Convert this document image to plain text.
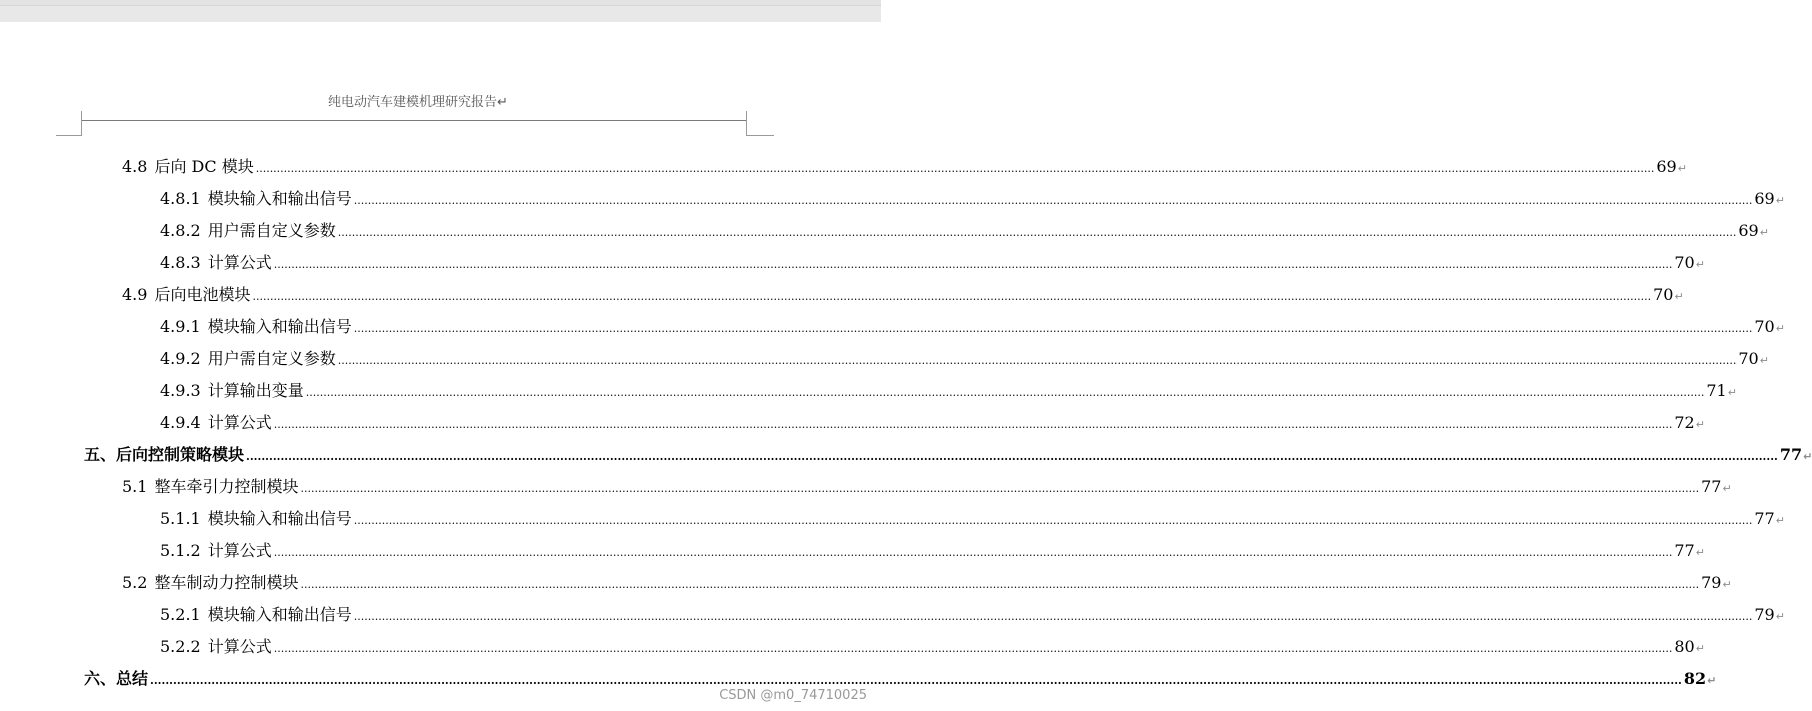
纯电动汽车建模机理研究报告↵
4.8 后向 DC 模块 ................................................................................................................................................................................................................................................................................................................................................................................................................ 69 ↵
4.8.1 模块输入和输出信号 ................................................................................................................................................................................................................................................................................................................................................................................................................ 69 ↵
4.8.2 用户需自定义参数 ................................................................................................................................................................................................................................................................................................................................................................................................................ 69 ↵
4.8.3 计算公式 ................................................................................................................................................................................................................................................................................................................................................................................................................ 70 ↵
4.9 后向电池模块 ................................................................................................................................................................................................................................................................................................................................................................................................................ 70 ↵
4.9.1 模块输入和输出信号 ................................................................................................................................................................................................................................................................................................................................................................................................................ 70 ↵
4.9.2 用户需自定义参数 ................................................................................................................................................................................................................................................................................................................................................................................................................ 70 ↵
4.9.3 计算输出变量 ................................................................................................................................................................................................................................................................................................................................................................................................................ 71 ↵
4.9.4 计算公式 ................................................................................................................................................................................................................................................................................................................................................................................................................ 72 ↵
五、后向控制策略模块 ................................................................................................................................................................................................................................................................................................................................................................................................................ 77 ↵
5.1 整车牵引力控制模块 ................................................................................................................................................................................................................................................................................................................................................................................................................ 77 ↵
5.1.1 模块输入和输出信号 ................................................................................................................................................................................................................................................................................................................................................................................................................ 77 ↵
5.1.2 计算公式 ................................................................................................................................................................................................................................................................................................................................................................................................................ 77 ↵
5.2 整车制动力控制模块 ................................................................................................................................................................................................................................................................................................................................................................................................................ 79 ↵
5.2.1 模块输入和输出信号 ................................................................................................................................................................................................................................................................................................................................................................................................................ 79 ↵
5.2.2 计算公式 ................................................................................................................................................................................................................................................................................................................................................................................................................ 80 ↵
六、总结 ................................................................................................................................................................................................................................................................................................................................................................................................................ 82 ↵
CSDN @m0_74710025
